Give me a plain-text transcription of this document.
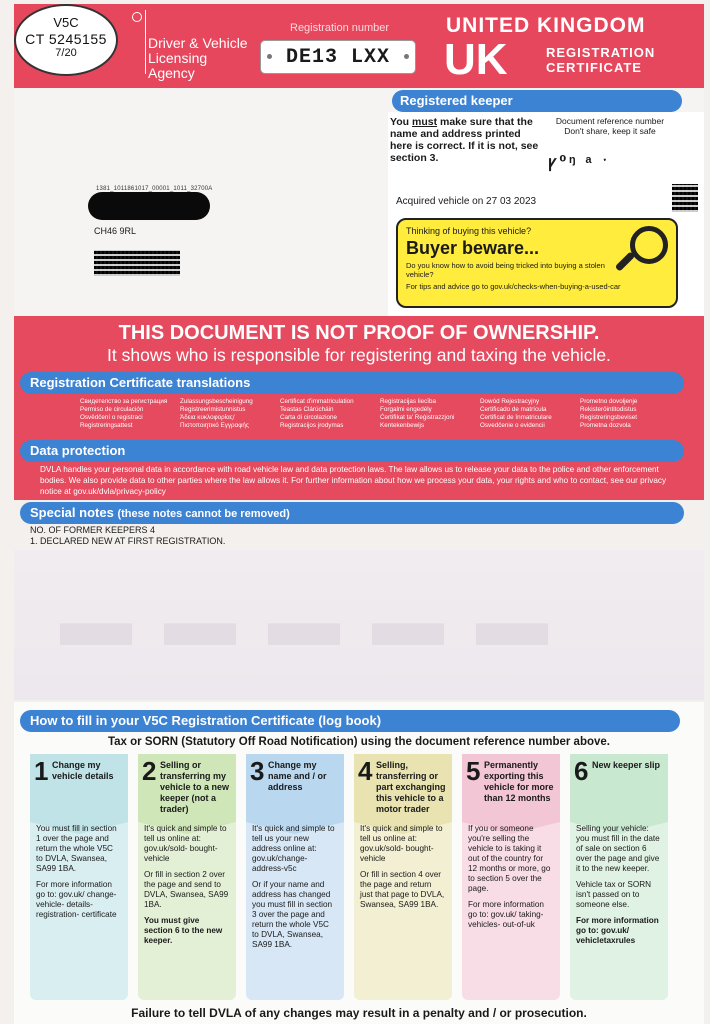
V5C
CT 5245155
7/20
Driver & Vehicle
Licensing
Agency
Registration number
DE13 LXX
UNITED KINGDOM
UK	REGISTRATION
CERTIFICATE
1381_1011861017_00001_1011_32700A
CH46 9RL
Registered keeper
You must make sure that the name and address printed here is correct. If it is not, see section 3.
Document reference number
Don't share, keep it safe
ꝩ⁰ᵑ ᵃ ˑ
Acquired vehicle on 27 03 2023
Thinking of buying this vehicle?
Buyer beware...
Do you know how to avoid being tricked into buying a stolen vehicle?
For tips and advice go to gov.uk/checks-when-buying-a-used-car
THIS DOCUMENT IS NOT PROOF OF OWNERSHIP.
It shows who is responsible for registering and taxing the vehicle.
Registration Certificate translations
Свидетелство за регистрация	Zulassungsbescheinigung	Certificat d'immatriculation	Registracijas liecība	Dowód Rejestracyjny	Prometno dovoljenje
Permiso de circulación	Registreerimistunnistus	Teastas Clárúcháin	Forgalmi engedély	Certificado de matrícula	Rekisteröintitodistus
Osvědčení o registraci	Άδεια κυκλοφορίας/	Carta di circolazione	Ċertifikat ta' Reġistrazzjoni	Certificat de înmatriculare	Registreringsbeviset
Registreringsattest	Πιστοποιητικό Εγγραφής	Registracijos įrodymas	Kentekenbewijs	Osvedčenie o evidencii	Prometna dozvola
Data protection
DVLA handles your personal data in accordance with road vehicle law and data protection laws. The law allows us to release your data to the police and other enforcement bodies. We also provide data to other parties where the law allows it. For further information about how we process your data, your rights and who to contact, see our privacy notice at gov.uk/dvla/privacy-policy
Special notes (these notes cannot be removed)
▬ ▬ ▬ ▬ ▬
NO. OF FORMER KEEPERS 4
1. DECLARED NEW AT FIRST REGISTRATION.
How to fill in your V5C Registration Certificate (log book)
Tax or SORN (Statutory Off Road Notification) using the document reference number above.
Failure to tell DVLA of any changes may result in a penalty and / or prosecution.
1 Change my vehicle details

You must fill in section 1 over the page and return the whole V5C to DVLA, Swansea, SA99 1BA.

For more information go to: gov.uk/ change-vehicle- details-registration- certificate

2 Selling or transferring my vehicle to a new keeper (not a trader)

It's quick and simple to tell us online at: gov.uk/sold- bought-vehicle

Or fill in section 2 over the page and send to DVLA, Swansea, SA99 1BA.

You must give section 6 to the new keeper.

3 Change my name and / or address

It's quick and simple to tell us your new address online at: gov.uk/change- address-v5c

Or if your name and address has changed you must fill in section 3 over the page and return the whole V5C to DVLA, Swansea, SA99 1BA.

4 Selling, transferring or part exchanging this vehicle to a motor trader

It's quick and simple to tell us online at: gov.uk/sold- bought-vehicle

Or fill in section 4 over the page and return just that page to DVLA, Swansea, SA99 1BA.

5 Permanently exporting this vehicle for more than 12 months

If you or someone you're selling the vehicle to is taking it out of the country for 12 months or more, go to section 5 over the page.

For more information go to: gov.uk/ taking-vehicles- out-of-uk

6 New keeper slip

Selling your vehicle: you must fill in the date of sale on section 6 over the page and give it to the new keeper.

Vehicle tax or SORN isn't passed on to someone else.

For more information go to: gov.uk/ vehicletaxrules
